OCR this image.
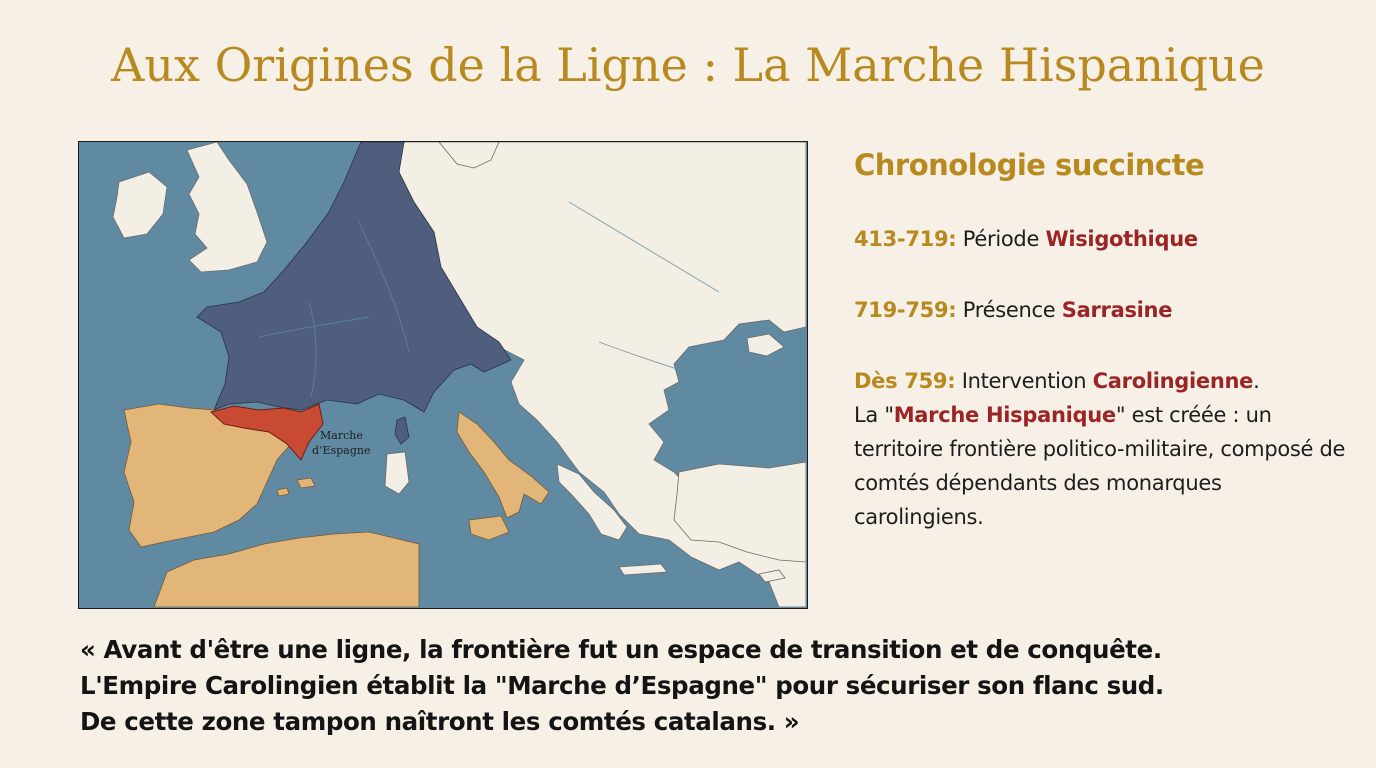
Aux Origines de la Ligne : La Marche Hispanique
Marche
d’Espagne
Chronologie succincte

413-719: Période Wisigothique

719-759: Présence Sarrasine

Dès 759: Intervention Carolingienne.
La "Marche Hispanique" est créée : un territoire frontière politico-militaire, composé de comtés dépendants des monarques carolingiens.

« Avant d'être une ligne, la frontière fut un espace de transition et de conquête.
L'Empire Carolingien établit la "Marche d’Espagne" pour sécuriser son flanc sud.
De cette zone tampon naîtront les comtés catalans. »
